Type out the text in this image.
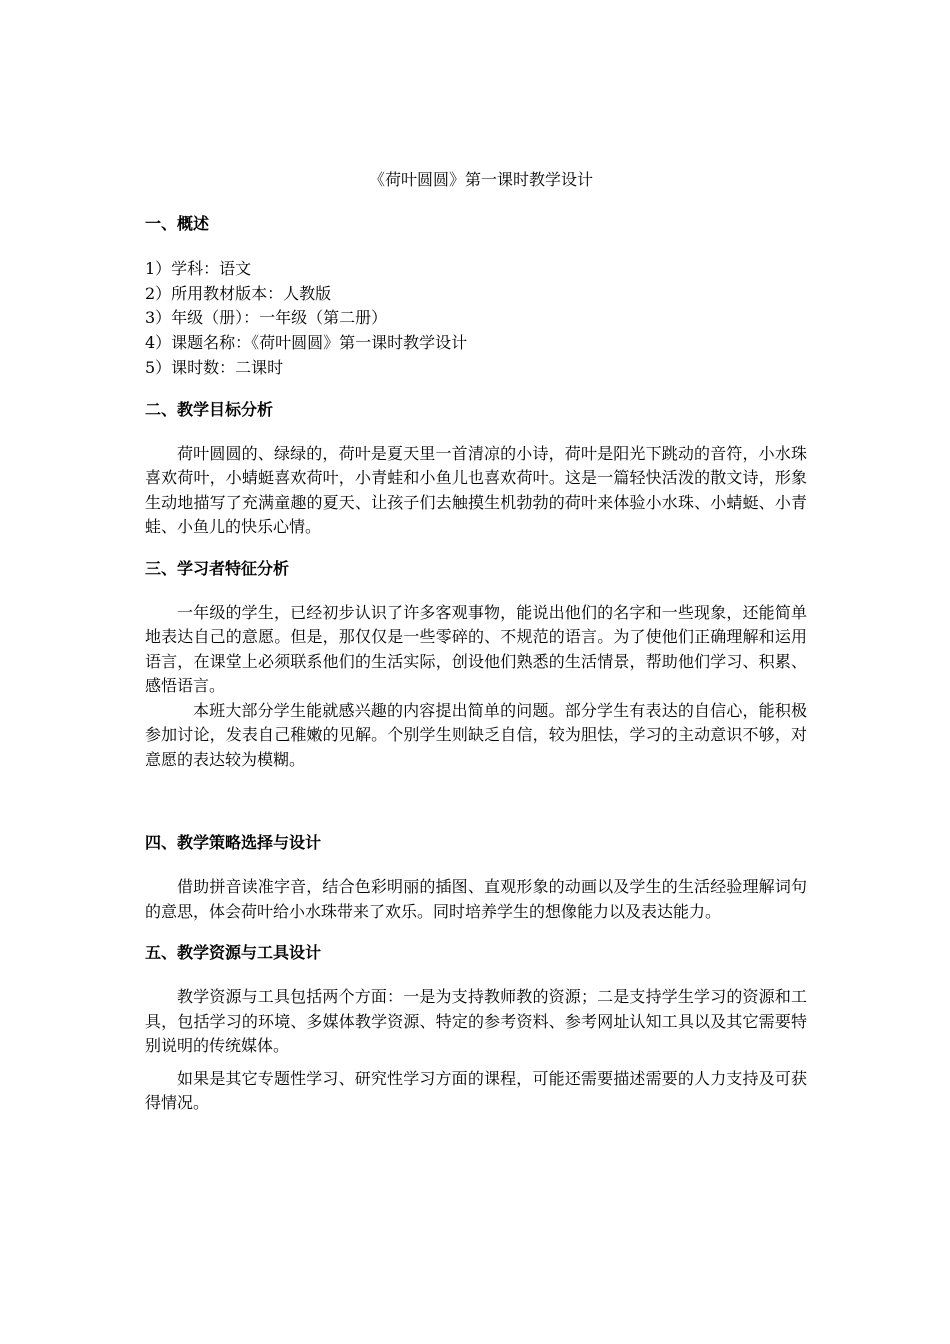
《荷叶圆圆》第一课时教学设计
一、概述
1）学科：语文
2）所用教材版本：人教版
3）年级（册）：一年级（第二册）
4）课题名称：《荷叶圆圆》第一课时教学设计
5）课时数：二课时
二、教学目标分析

荷叶圆圆的、绿绿的，荷叶是夏天里一首清凉的小诗，荷叶是阳光下跳动的音符，小水珠喜欢荷叶，小蜻蜓喜欢荷叶，小青蛙和小鱼儿也喜欢荷叶。这是一篇轻快活泼的散文诗，形象生动地描写了充满童趣的夏天、让孩子们去触摸生机勃勃的荷叶来体验小水珠、小蜻蜓、小青蛙、小鱼儿的快乐心情。

三、学习者特征分析

一年级的学生，已经初步认识了许多客观事物，能说出他们的名字和一些现象，还能简单地表达自己的意愿。但是，那仅仅是一些零碎的、不规范的语言。为了使他们正确理解和运用语言，在课堂上必须联系他们的生活实际，创设他们熟悉的生活情景，帮助他们学习、积累、感悟语言。

本班大部分学生能就感兴趣的内容提出简单的问题。部分学生有表达的自信心，能积极参加讨论，发表自己稚嫩的见解。个别学生则缺乏自信，较为胆怯，学习的主动意识不够，对意愿的表达较为模糊。

四、教学策略选择与设计

借助拼音读准字音，结合色彩明丽的插图、直观形象的动画以及学生的生活经验理解词句的意思，体会荷叶给小水珠带来了欢乐。同时培养学生的想像能力以及表达能力。

五、教学资源与工具设计

教学资源与工具包括两个方面：一是为支持教师教的资源；二是支持学生学习的资源和工具，包括学习的环境、多媒体教学资源、特定的参考资料、参考网址认知工具以及其它需要特别说明的传统媒体。

如果是其它专题性学习、研究性学习方面的课程，可能还需要描述需要的人力支持及可获得情况。
